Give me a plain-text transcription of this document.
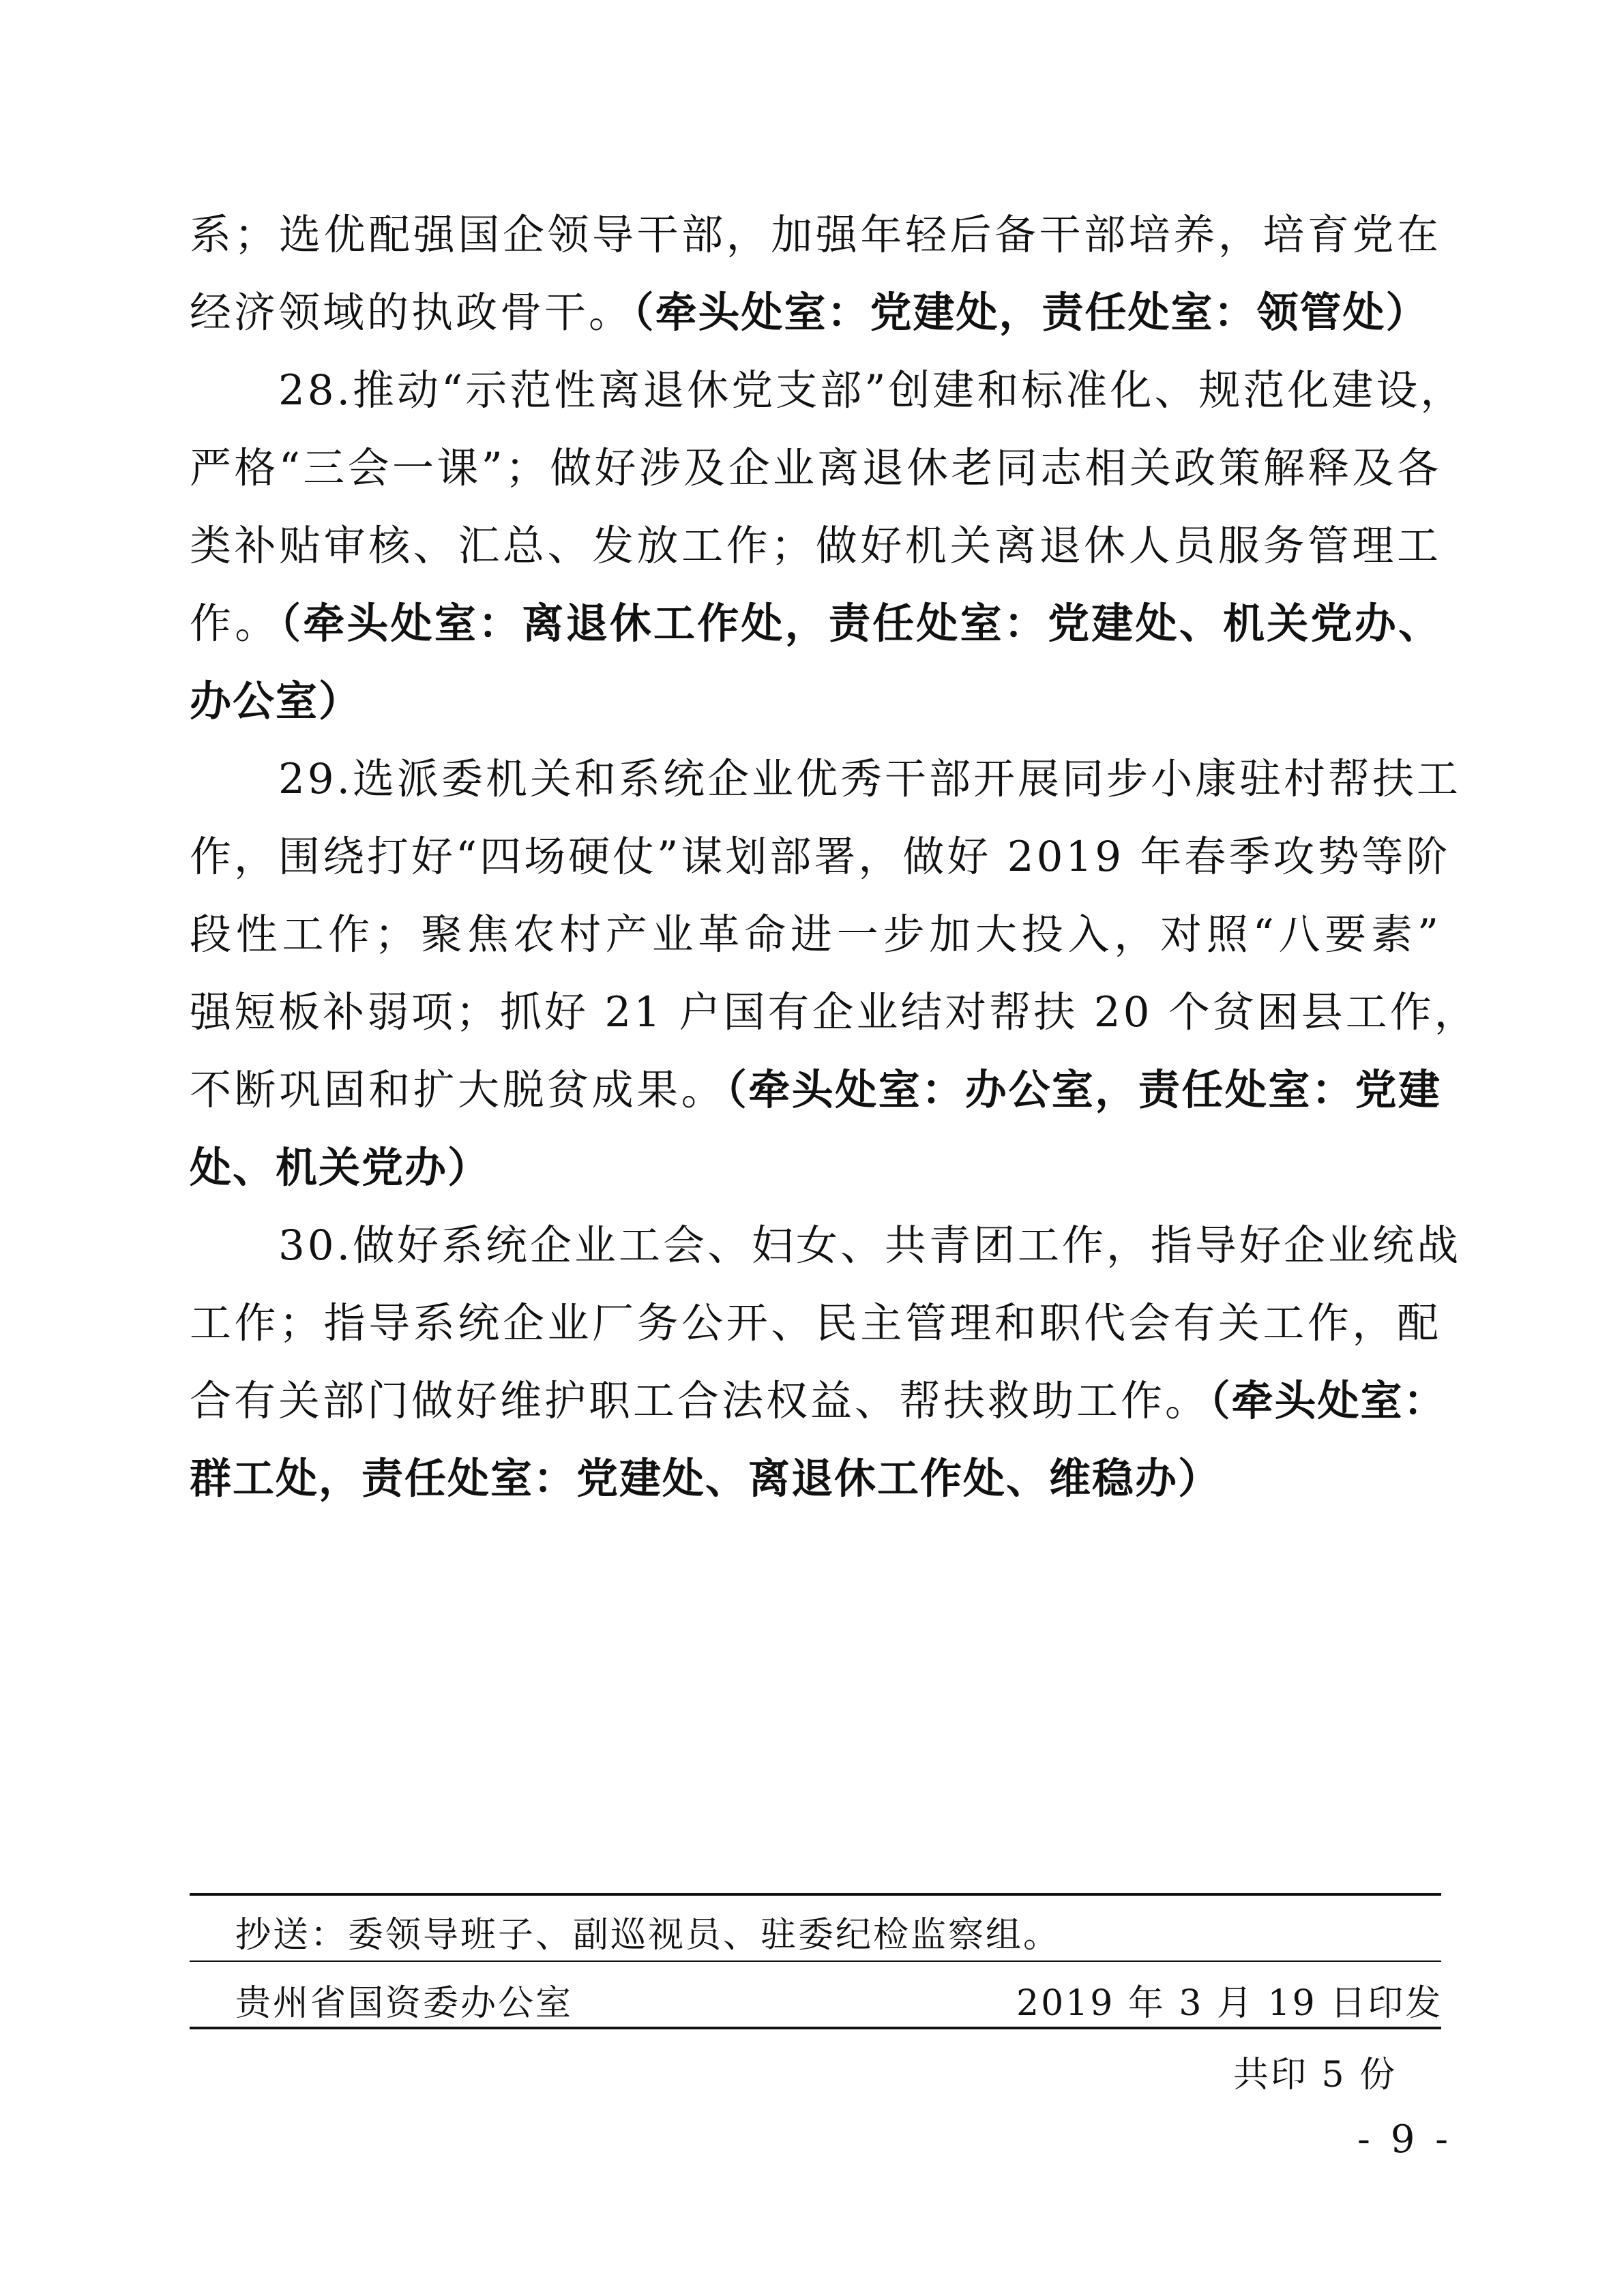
系；选优配强国企领导干部，加强年轻后备干部培养，培育党在
经济领域的执政骨干。（牵头处室：党建处，责任处室：领管处）

28.推动“示范性离退休党支部”创建和标准化、规范化建设，
严格“三会一课”；做好涉及企业离退休老同志相关政策解释及各
类补贴审核、汇总、发放工作；做好机关离退休人员服务管理工
作。（牵头处室：离退休工作处，责任处室：党建处、机关党办、
办公室）

29.选派委机关和系统企业优秀干部开展同步小康驻村帮扶工
作，围绕打好“四场硬仗”谋划部署，做好 2019 年春季攻势等阶
段性工作；聚焦农村产业革命进一步加大投入，对照“八要素”
强短板补弱项；抓好 21 户国有企业结对帮扶 20 个贫困县工作，
不断巩固和扩大脱贫成果。（牵头处室：办公室，责任处室：党建
处、机关党办）

30.做好系统企业工会、妇女、共青团工作，指导好企业统战
工作；指导系统企业厂务公开、民主管理和职代会有关工作，配
合有关部门做好维护职工合法权益、帮扶救助工作。（牵头处室：
群工处，责任处室：党建处、离退休工作处、维稳办）

抄送：委领导班子、副巡视员、驻委纪检监察组。
贵州省国资委办公室	2019 年 3 月 19 日印发
共印 5 份
- 9 -
